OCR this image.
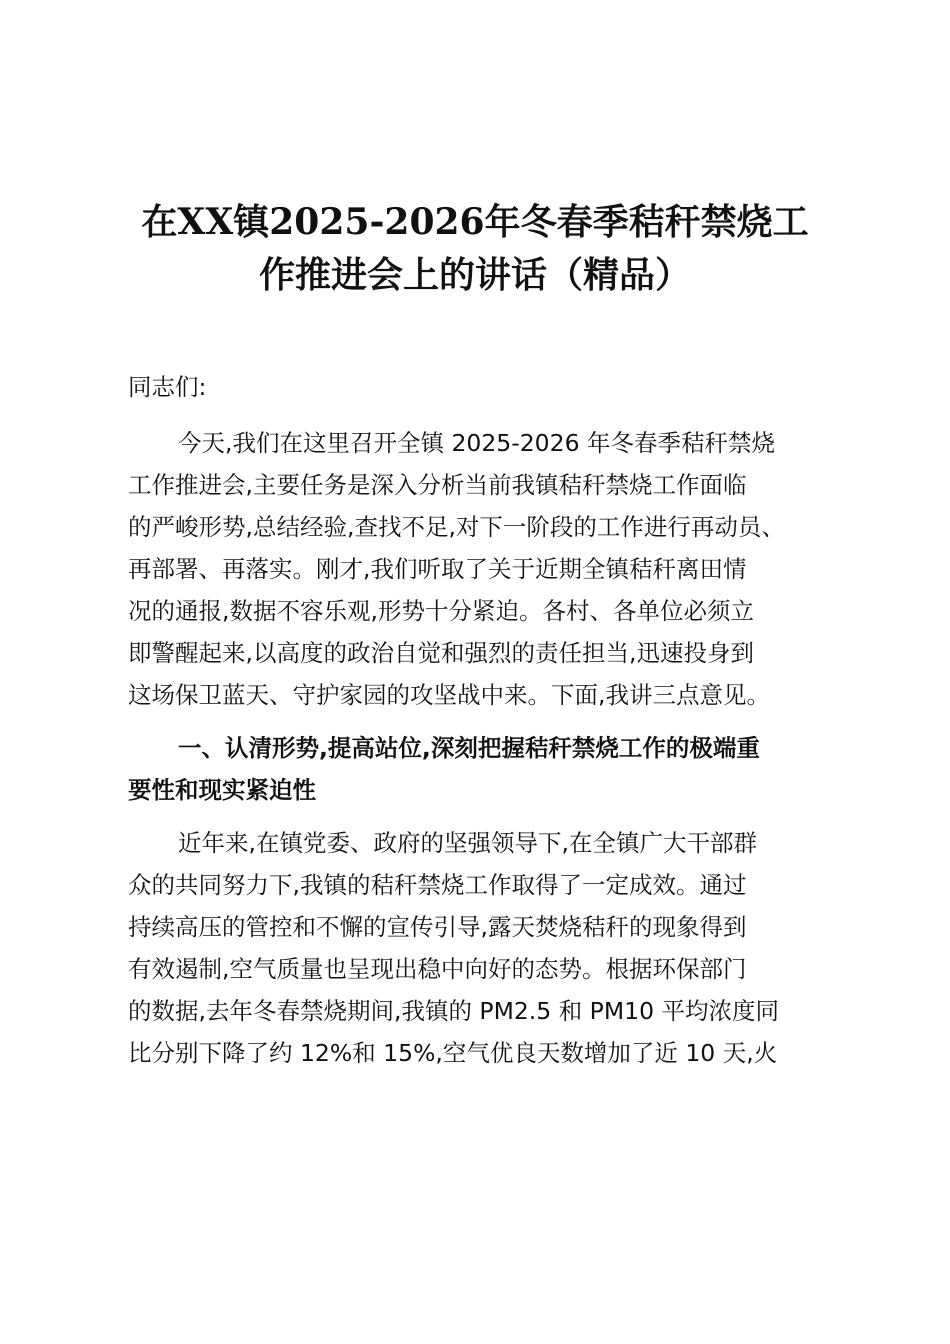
在XX镇2025-2026年冬春季秸秆禁烧工
作推进会上的讲话（精品）
同志们:
今天,我们在这里召开全镇 2025-2026 年冬春季秸秆禁烧
工作推进会,主要任务是深入分析当前我镇秸秆禁烧工作面临
的严峻形势,总结经验,查找不足,对下一阶段的工作进行再动员、
再部署、再落实。刚才,我们听取了关于近期全镇秸秆离田情
况的通报,数据不容乐观,形势十分紧迫。各村、各单位必须立
即警醒起来,以高度的政治自觉和强烈的责任担当,迅速投身到
这场保卫蓝天、守护家园的攻坚战中来。下面,我讲三点意见。
一、认清形势,提高站位,深刻把握秸秆禁烧工作的极端重
要性和现实紧迫性
近年来,在镇党委、政府的坚强领导下,在全镇广大干部群
众的共同努力下,我镇的秸秆禁烧工作取得了一定成效。通过
持续高压的管控和不懈的宣传引导,露天焚烧秸秆的现象得到
有效遏制,空气质量也呈现出稳中向好的态势。根据环保部门
的数据,去年冬春禁烧期间,我镇的 PM2.5 和 PM10 平均浓度同
比分别下降了约 12%和 15%,空气优良天数增加了近 10 天,火
